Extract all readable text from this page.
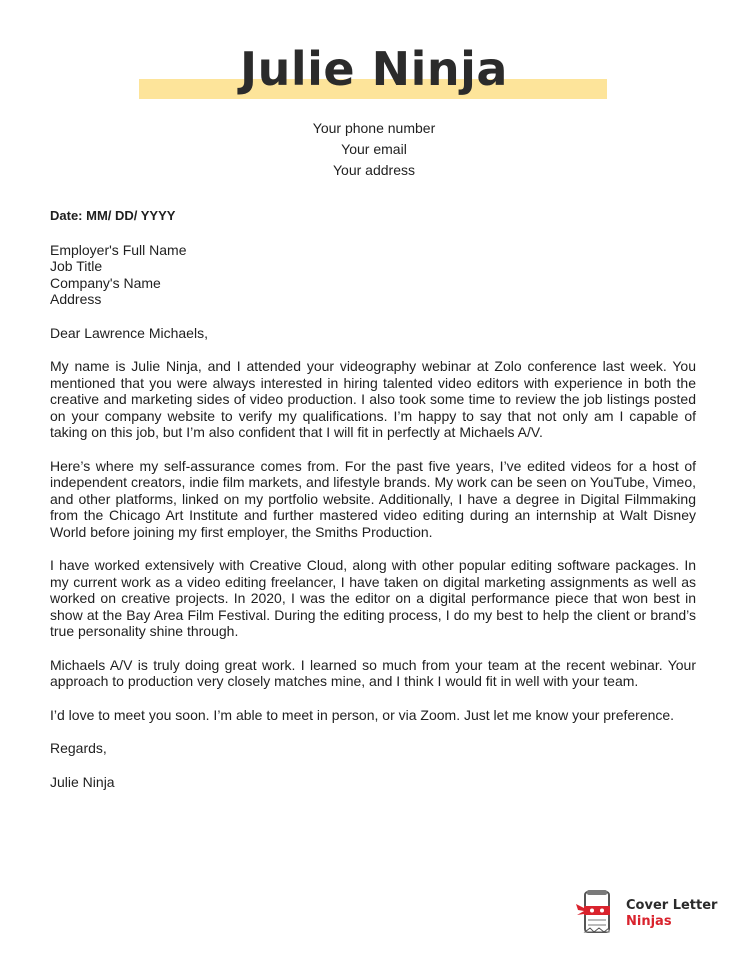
Julie Ninja
Your phone number
Your email
Your address
Date: MM/ DD/ YYYY
Employer's Full Name
Job Title
Company's Name
Address
Dear Lawrence Michaels,

My name is Julie Ninja, and I attended your videography webinar at Zolo conference last week. You mentioned that you were always interested in hiring talented video editors with experience in both the creative and marketing sides of video production. I also took some time to review the job listings posted on your company website to verify my qualifications. I’m happy to say that not only am I capable of taking on this job, but I’m also confident that I will fit in perfectly at Michaels A/V.

Here’s where my self-assurance comes from. For the past five years, I’ve edited videos for a host of independent creators, indie film markets, and lifestyle brands. My work can be seen on YouTube, Vimeo, and other platforms, linked on my portfolio website. Additionally, I have a degree in Digital Filmmaking from the Chicago Art Institute and further mastered video editing during an internship at Walt Disney World before joining my first employer, the Smiths Production.

I have worked extensively with Creative Cloud, along with other popular editing software packages. In my current work as a video editing freelancer, I have taken on digital marketing assignments as well as worked on creative projects. In 2020, I was the editor on a digital performance piece that won best in show at the Bay Area Film Festival. During the editing process, I do my best to help the client or brand’s true personality shine through.

Michaels A/V is truly doing great work. I learned so much from your team at the recent webinar. Your approach to production very closely matches mine, and I think I would fit in well with your team.

I’d love to meet you soon. I’m able to meet in person, or via Zoom. Just let me know your preference.

Regards,
Julie Ninja
Cover Letter
Ninjas
